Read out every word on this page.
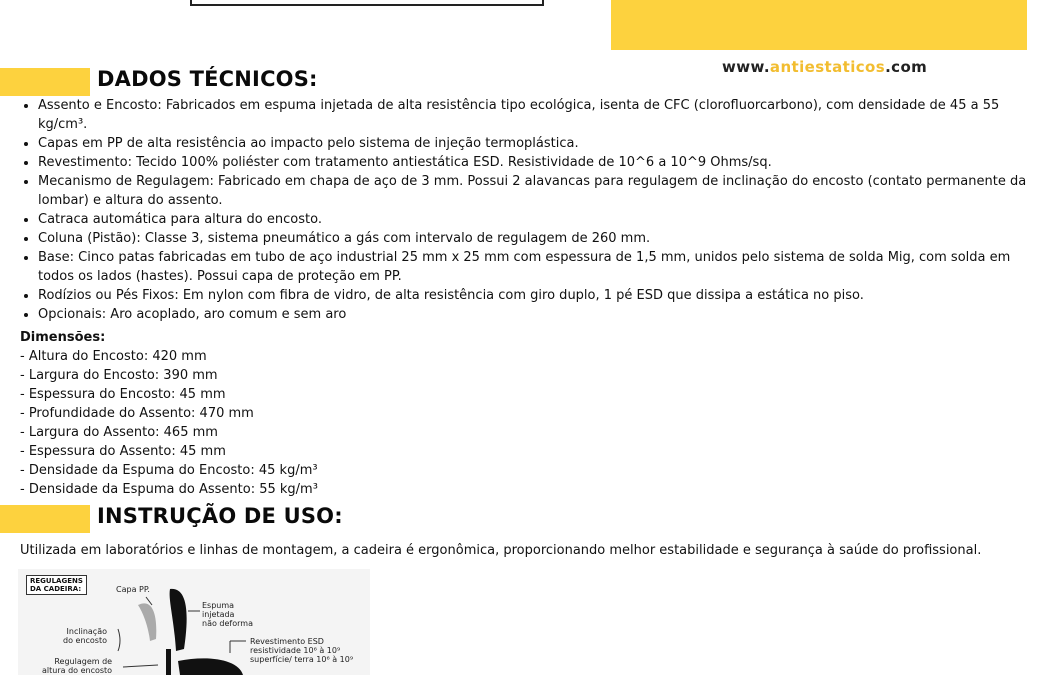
www.antiestaticos.com
DADOS TÉCNICOS:
• Assento e Encosto: Fabricados em espuma injetada de alta resistência tipo ecológica, isenta de CFC (clorofluorcarbono), com densidade de 45 a 55 kg/cm³.
• Capas em PP de alta resistência ao impacto pelo sistema de injeção termoplástica.
• Revestimento: Tecido 100% poliéster com tratamento antiestática ESD. Resistividade de 10^6 a 10^9 Ohms/sq.
• Mecanismo de Regulagem: Fabricado em chapa de aço de 3 mm. Possui 2 alavancas para regulagem de inclinação do encosto (contato permanente da lombar) e altura do assento.
• Catraca automática para altura do encosto.
• Coluna (Pistão): Classe 3, sistema pneumático a gás com intervalo de regulagem de 260 mm.
• Base: Cinco patas fabricadas em tubo de aço industrial 25 mm x 25 mm com espessura de 1,5 mm, unidos pelo sistema de solda Mig, com solda em todos os lados (hastes). Possui capa de proteção em PP.
• Rodízios ou Pés Fixos: Em nylon com fibra de vidro, de alta resistência com giro duplo, 1 pé ESD que dissipa a estática no piso.
• Opcionais: Aro acoplado, aro comum e sem aro
Dimensões:
- Altura do Encosto: 420 mm
- Largura do Encosto: 390 mm
- Espessura do Encosto: 45 mm
- Profundidade do Assento: 470 mm
- Largura do Assento: 465 mm
- Espessura do Assento: 45 mm
- Densidade da Espuma do Encosto: 45 kg/m³
- Densidade da Espuma do Assento: 55 kg/m³
INSTRUÇÃO DE USO:
Utilizada em laboratórios e linhas de montagem, a cadeira é ergonômica, proporcionando melhor estabilidade e segurança à saúde do profissional.
REGULAGENS
DA CADEIRA:	Capa PP.
Espuma
injetada
não deforma
Inclinação
do encosto
Regulagem de
altura do encosto
Revestimento ESD
resistividade 10⁶ à 10⁹
superfície/ terra 10⁶ à 10⁹
